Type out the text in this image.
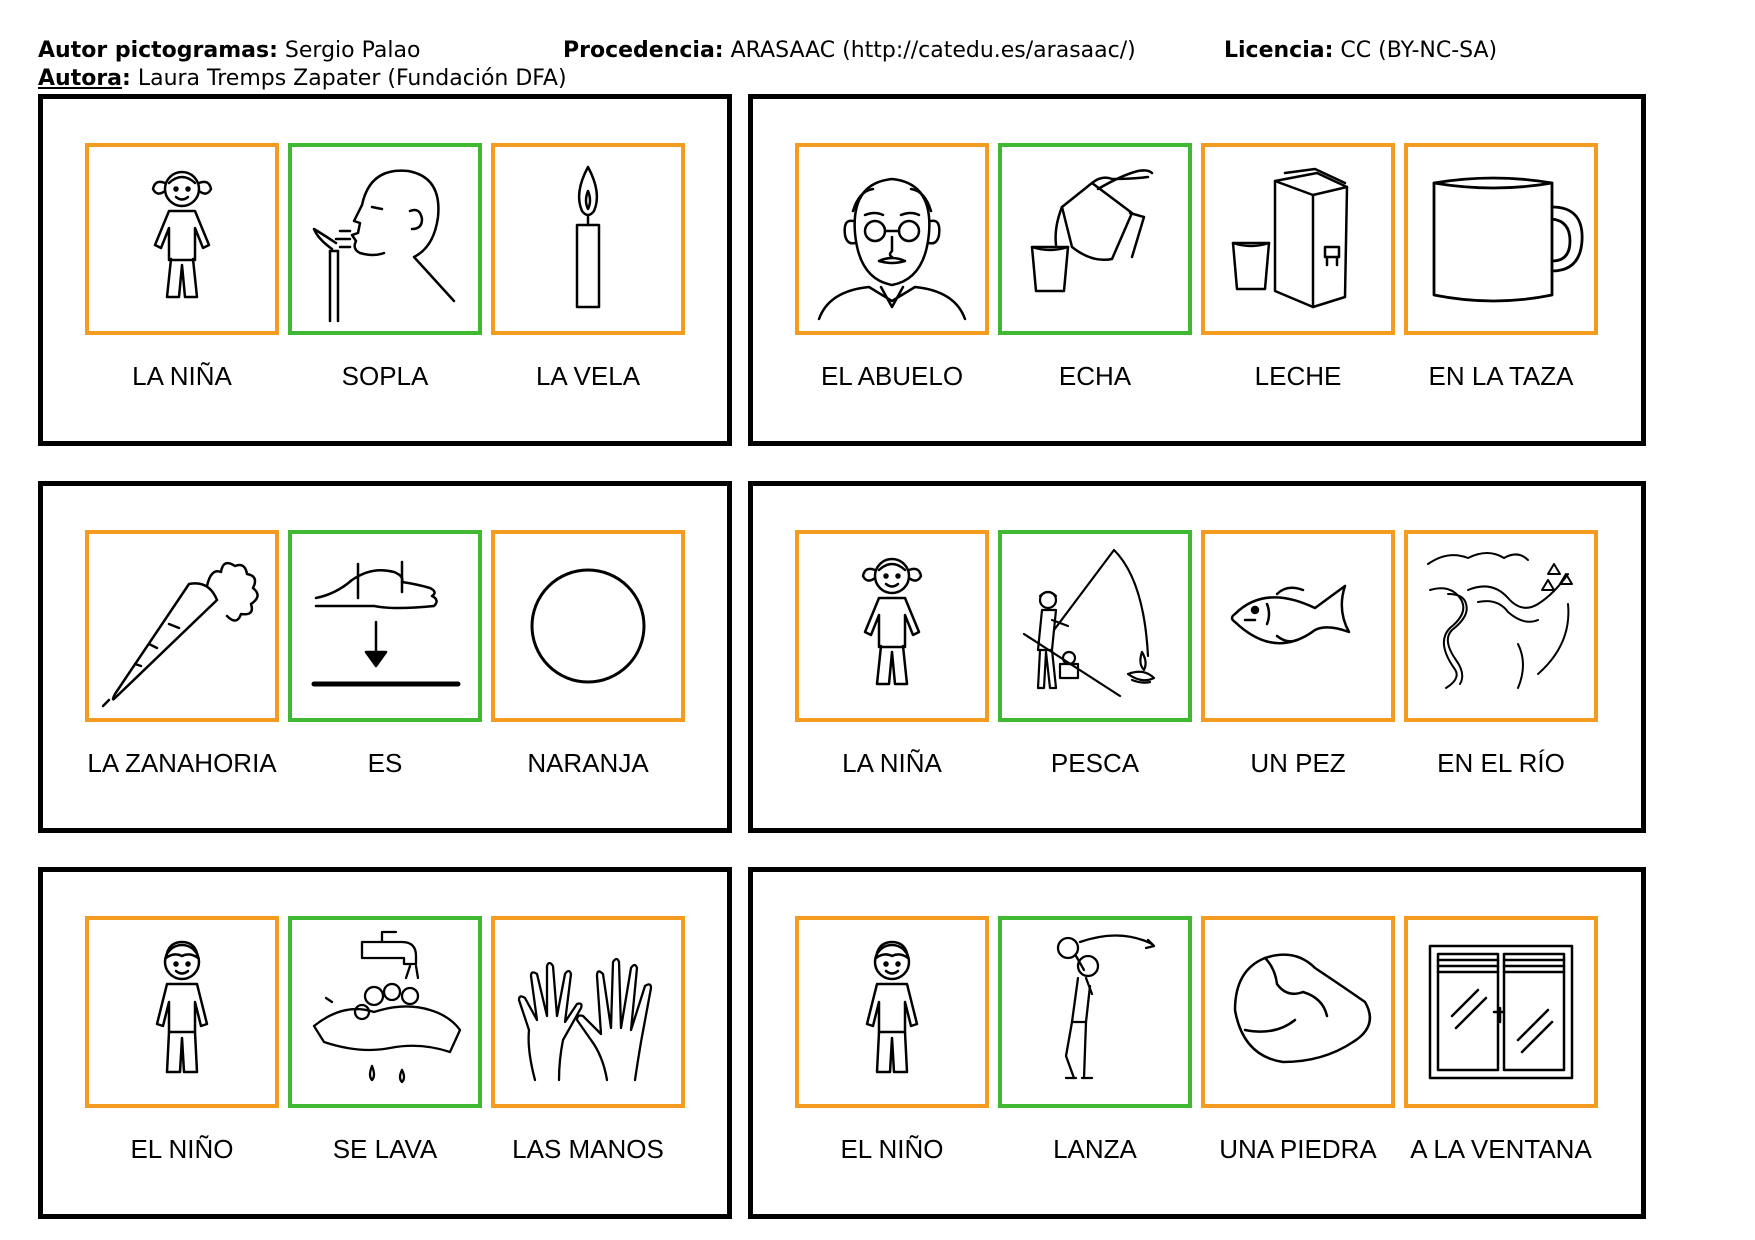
Autor pictogramas: Sergio Palao	Procedencia: ARASAAC (http://catedu.es/arasaac/)	Licencia: CC (BY-NC-SA)
Autora: Laura Tremps Zapater (Fundación DFA)
LA NIÑA	SOPLA	LA VELA	EL ABUELO	ECHA	LECHE	EN LA TAZA
LA ZANAHORIA	ES	NARANJA	LA NIÑA	PESCA	UN PEZ	EN EL RÍO
EL NIÑO	SE LAVA	LAS MANOS	EL NIÑO	LANZA	UNA PIEDRA	A LA VENTANA
